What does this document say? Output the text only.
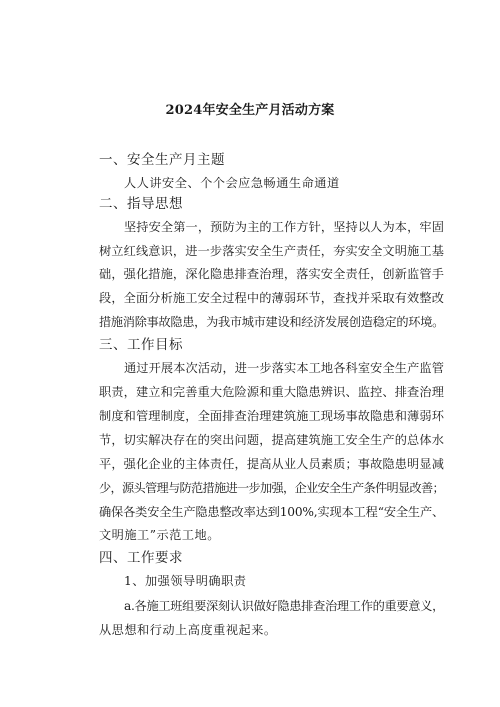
2024年安全生产月活动方案
一、安全生产月主题
人人讲安全、个个会应急畅通生命通道
二、指导思想
坚持安全第一，预防为主的工作方针，坚持以人为本，牢固
树立红线意识，进一步落实安全生产责任，夯实安全文明施工基
础，强化措施，深化隐患排查治理，落实安全责任，创新监管手
段，全面分析施工安全过程中的薄弱环节，查找并采取有效整改
措施消除事故隐患，为我市城市建设和经济发展创造稳定的环境。
三、工作目标
通过开展本次活动，进一步落实本工地各科室安全生产监管
职责，建立和完善重大危险源和重大隐患辨识、监控、排查治理
制度和管理制度，全面排查治理建筑施工现场事故隐患和薄弱环
节，切实解决存在的突出问题，提高建筑施工安全生产的总体水
平，强化企业的主体责任，提高从业人员素质；事故隐患明显减
少，源头管理与防范措施进一步加强，企业安全生产条件明显改善；
确保各类安全生产隐患整改率达到100%,实现本工程“安全生产、
文明施工”示范工地。
四、工作要求
1、加强领导明确职责
a.各施工班组要深刻认识做好隐患排查治理工作的重要意义，
从思想和行动上高度重视起来。
